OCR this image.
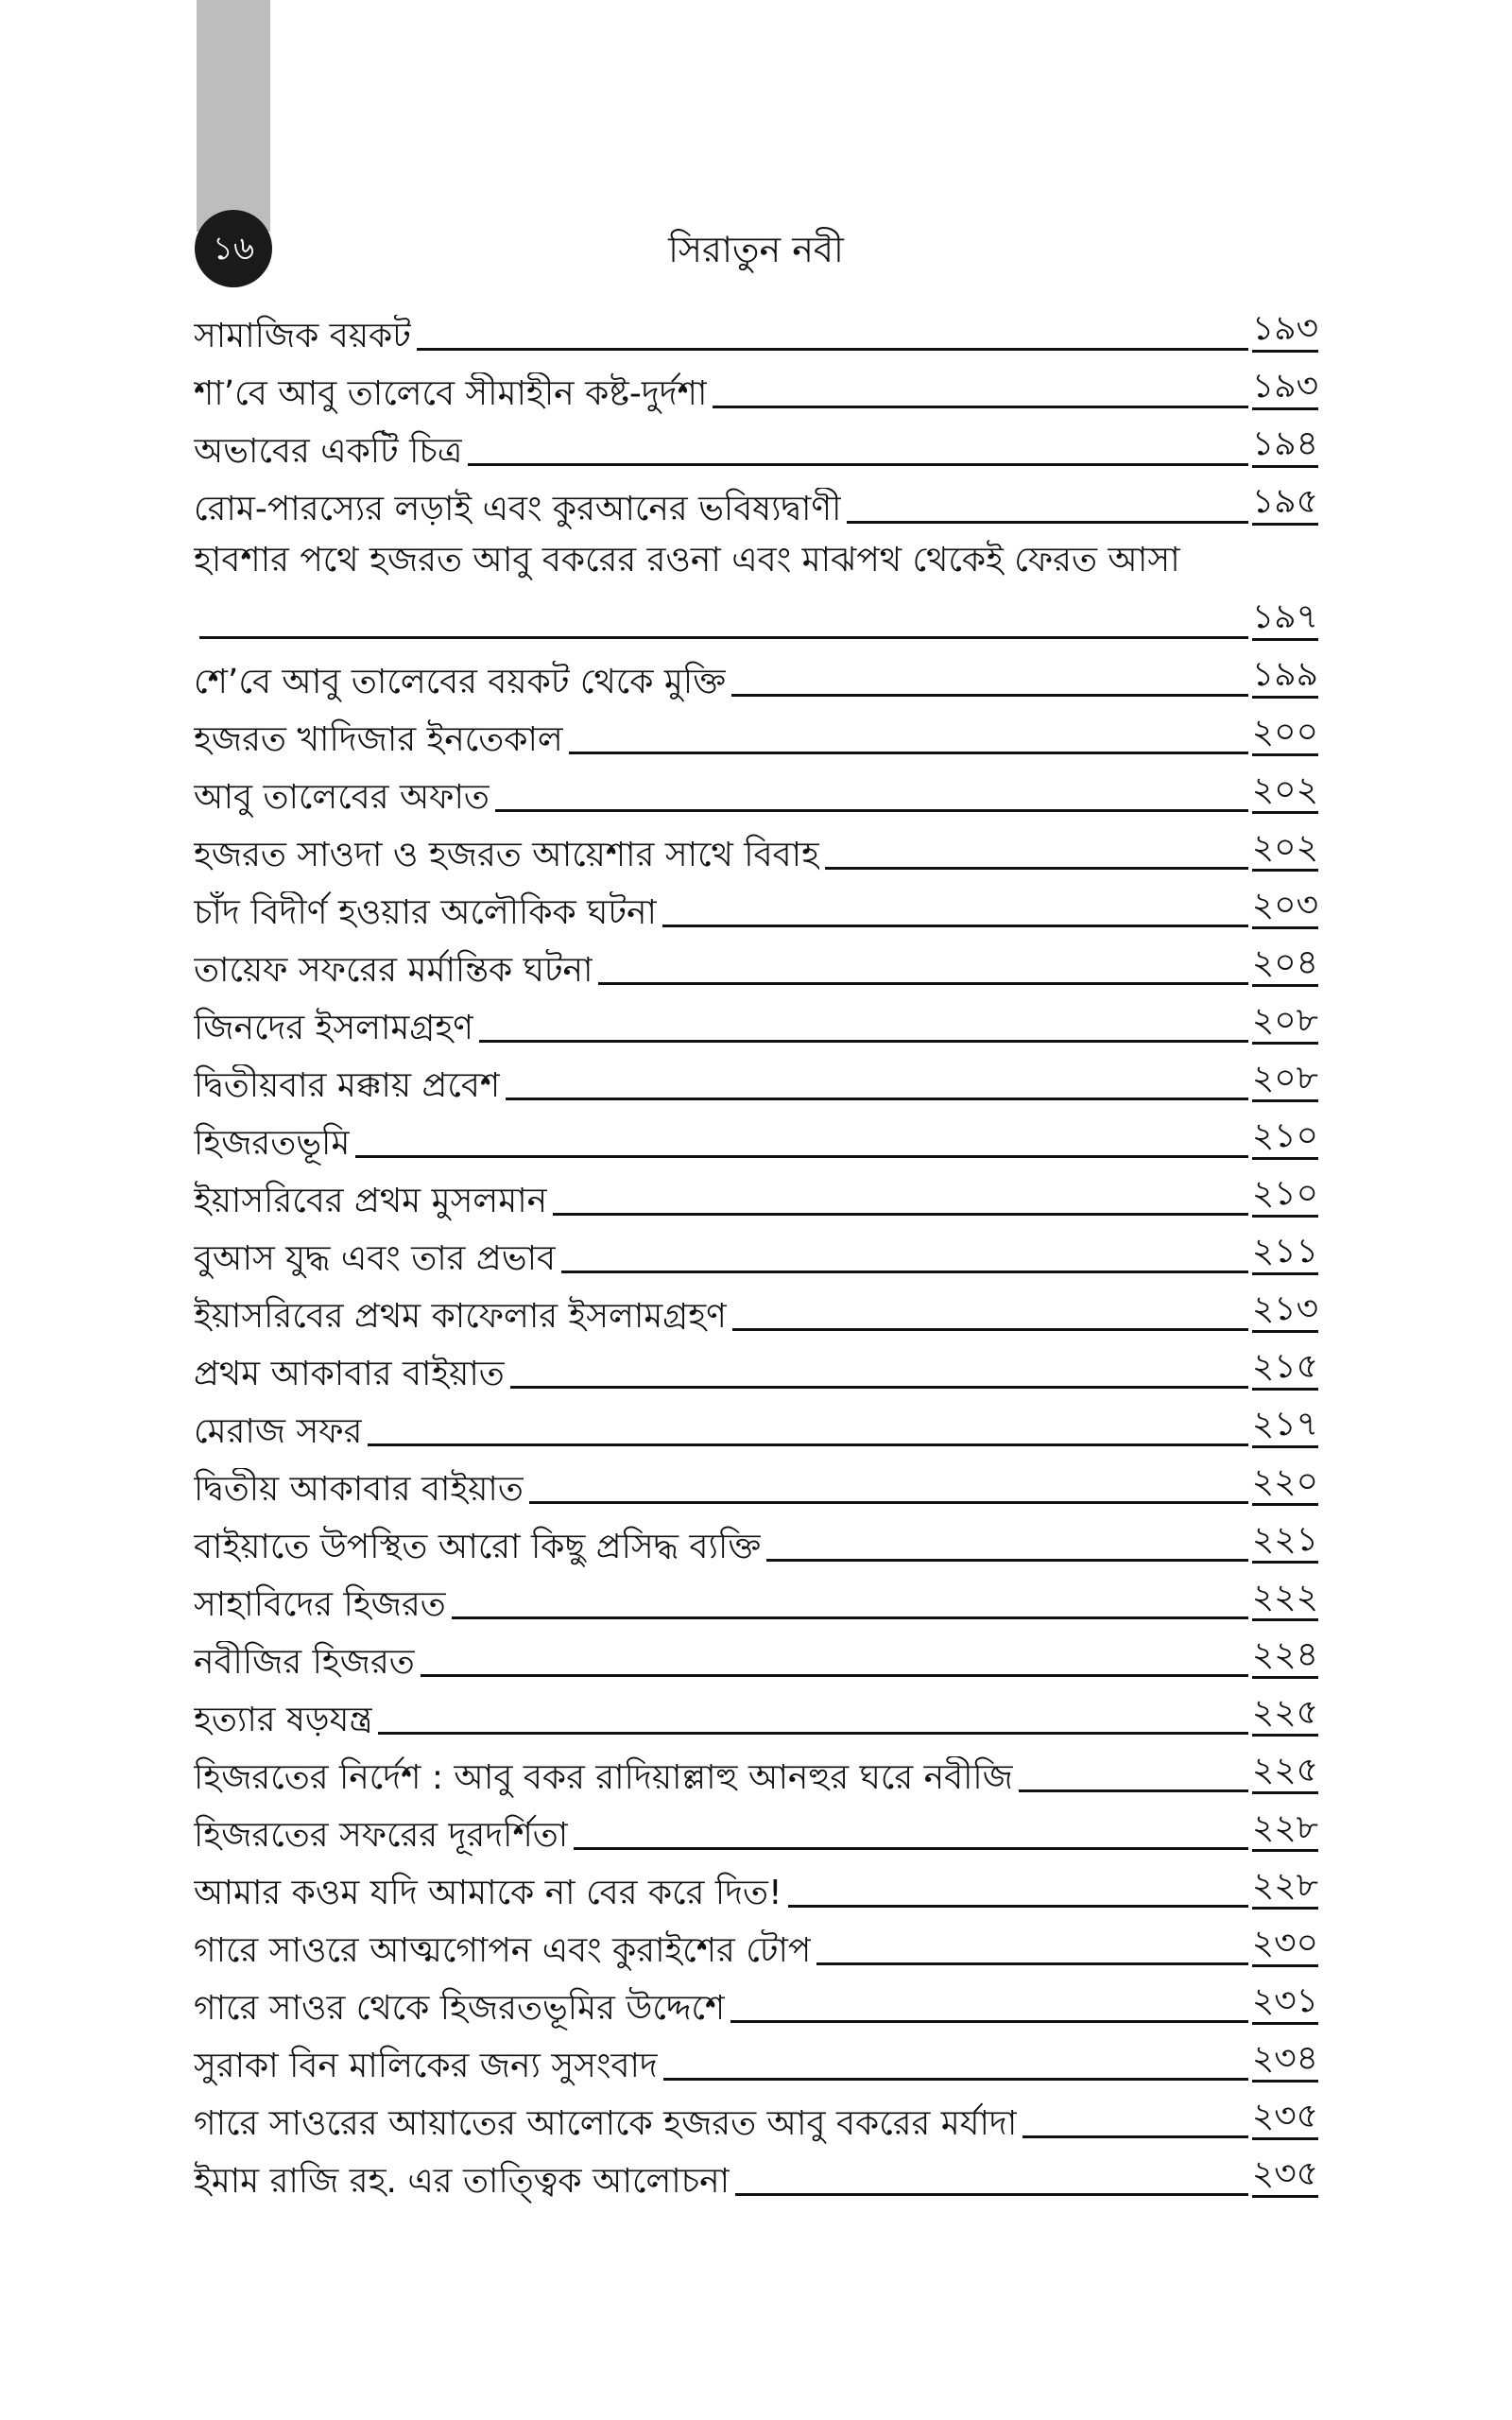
১৬	সিরাতুন নবী
সামাজিক বয়কট	১৯৩
শা’বে আবু তালেবে সীমাহীন কষ্ট-দুর্দশা	১৯৩
অভাবের একটি চিত্র	১৯৪
রোম-পারস্যের লড়াই এবং কুরআনের ভবিষ্যদ্বাণী	১৯৫
হাবশার পথে হজরত আবু বকরের রওনা এবং মাঝপথ থেকেই ফেরত আসা
১৯৭
শে’বে আবু তালেবের বয়কট থেকে মুক্তি	১৯৯
হজরত খাদিজার ইনতেকাল	২০০
আবু তালেবের অফাত	২০২
হজরত সাওদা ও হজরত আয়েশার সাথে বিবাহ	২০২
চাঁদ বিদীর্ণ হওয়ার অলৌকিক ঘটনা	২০৩
তায়েফ সফরের মর্মান্তিক ঘটনা	২০৪
জিনদের ইসলামগ্রহণ	২০৮
দ্বিতীয়বার মক্কায় প্রবেশ	২০৮
হিজরতভূমি	২১০
ইয়াসরিবের প্রথম মুসলমান	২১০
বুআস যুদ্ধ এবং তার প্রভাব	২১১
ইয়াসরিবের প্রথম কাফেলার ইসলামগ্রহণ	২১৩
প্রথম আকাবার বাইয়াত	২১৫
মেরাজ সফর	২১৭
দ্বিতীয় আকাবার বাইয়াত	২২০
বাইয়াতে উপস্থিত আরো কিছু প্রসিদ্ধ ব্যক্তি	২২১
সাহাবিদের হিজরত	২২২
নবীজির হিজরত	২২৪
হত্যার ষড়যন্ত্র	২২৫
হিজরতের নির্দেশ : আবু বকর রাদিয়াল্লাহু আনহুর ঘরে নবীজি	২২৫
হিজরতের সফরের দূরদর্শিতা	২২৮
আমার কওম যদি আমাকে না বের করে দিত!	২২৮
গারে সাওরে আত্মগোপন এবং কুরাইশের টোপ	২৩০
গারে সাওর থেকে হিজরতভূমির উদ্দেশে	২৩১
সুরাকা বিন মালিকের জন্য সুসংবাদ	২৩৪
গারে সাওরের আয়াতের আলোকে হজরত আবু বকরের মর্যাদা	২৩৫
ইমাম রাজি রহ. এর তাত্ত্বিক আলোচনা	২৩৫
